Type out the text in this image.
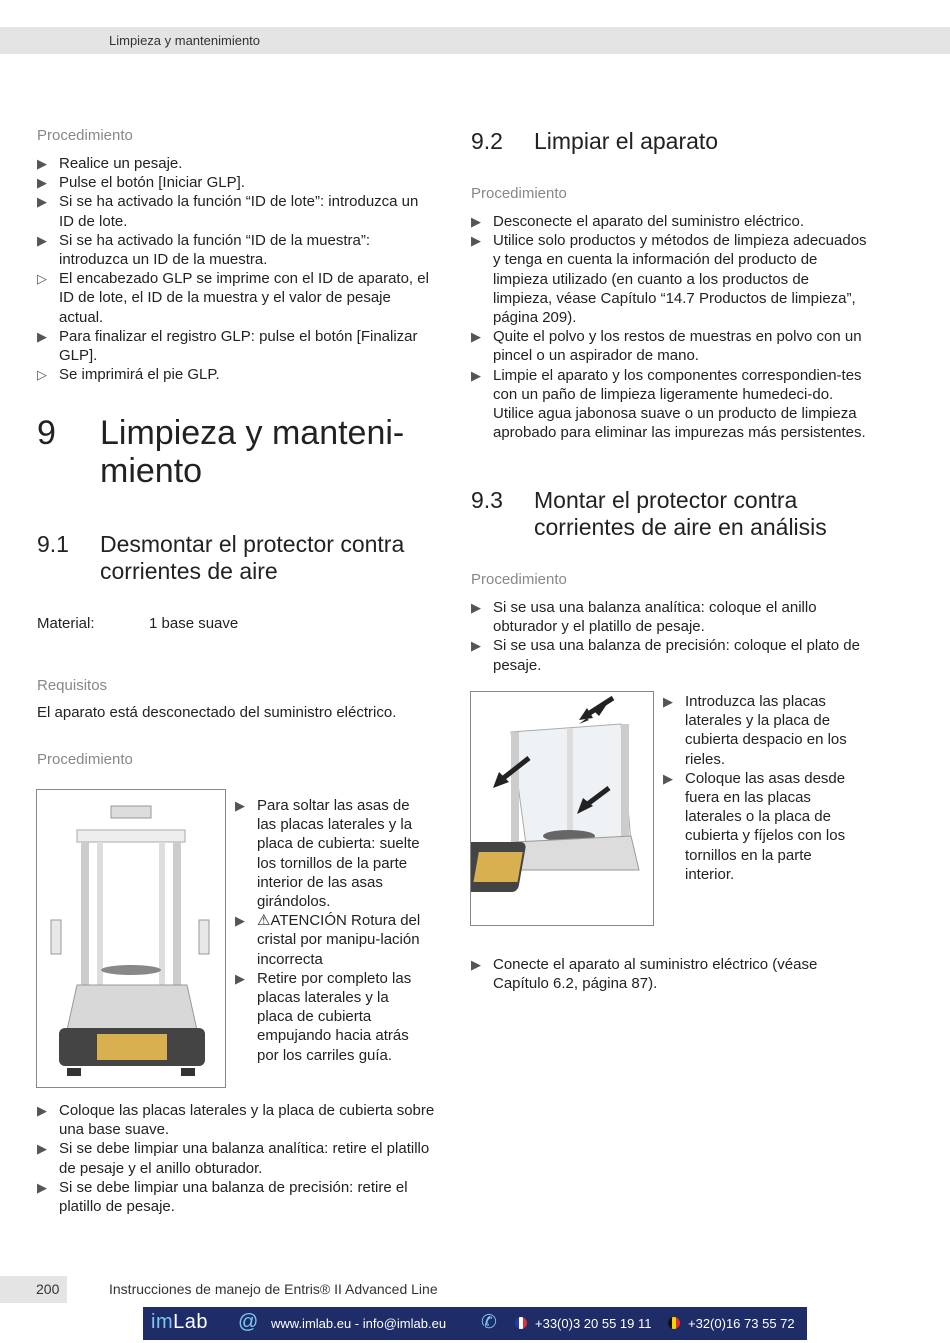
Limpieza y mantenimiento

Procedimiento

▶ Realice un pesaje.
▶ Pulse el botón [Iniciar GLP].
▶ Si se ha activado la función “ID de lote”: introduzca un ID de lote.
▶ Si se ha activado la función “ID de la muestra”: introduzca un ID de la muestra.
▷ El encabezado GLP se imprime con el ID de aparato, el ID de lote, el ID de la muestra y el valor de pesaje actual.
▶ Para finalizar el registro GLP: pulse el botón [Finalizar GLP].
▷ Se imprimirá el pie GLP.
9 Limpieza y manteni-miento
9.1 Desmontar el protector contra corrientes de aire
Material:	1 base suave

Requisitos

El aparato está desconectado del suministro eléctrico.

Procedimiento

▶ Para soltar las asas de las placas laterales y la placa de cubierta: suelte los tornillos de la parte interior de las asas girándolos.
▶ ⚠ATENCIÓN Rotura del cristal por manipu-lación incorrecta
▶ Retire por completo las placas laterales y la placa de cubierta empujando hacia atrás por los carriles guía.
▶ Coloque las placas laterales y la placa de cubierta sobre una base suave.
▶ Si se debe limpiar una balanza analítica: retire el platillo de pesaje y el anillo obturador.
▶ Si se debe limpiar una balanza de precisión: retire el platillo de pesaje.
9.2 Limpiar el aparato

Procedimiento

▶ Desconecte el aparato del suministro eléctrico.
▶ Utilice solo productos y métodos de limpieza adecuados y tenga en cuenta la información del producto de limpieza utilizado (en cuanto a los productos de limpieza, véase Capítulo “14.7 Productos de limpieza”, página 209).
▶ Quite el polvo y los restos de muestras en polvo con un pincel o un aspirador de mano.
▶ Limpie el aparato y los componentes correspondien-tes con un paño de limpieza ligeramente humedeci-do. Utilice agua jabonosa suave o un producto de limpieza aprobado para eliminar las impurezas más persistentes.
9.3 Montar el protector contra corrientes de aire en análisis

Procedimiento

▶ Si se usa una balanza analítica: coloque el anillo obturador y el platillo de pesaje.
▶ Si se usa una balanza de precisión: coloque el plato de pesaje.
▶ Introduzca las placas laterales y la placa de cubierta despacio en los rieles.
▶ Coloque las asas desde fuera en las placas laterales o la placa de cubierta y fíjelos con los tornillos en la parte interior.
▶ Conecte el aparato al suministro eléctrico (véase Capítulo 6.2, página 87).
200	Instrucciones de manejo de Entris® II Advanced Line
imLab @ www.imlab.eu - info@imlab.eu ✆	+33(0)3 20 55 19 11	+32(0)16 73 55 72
